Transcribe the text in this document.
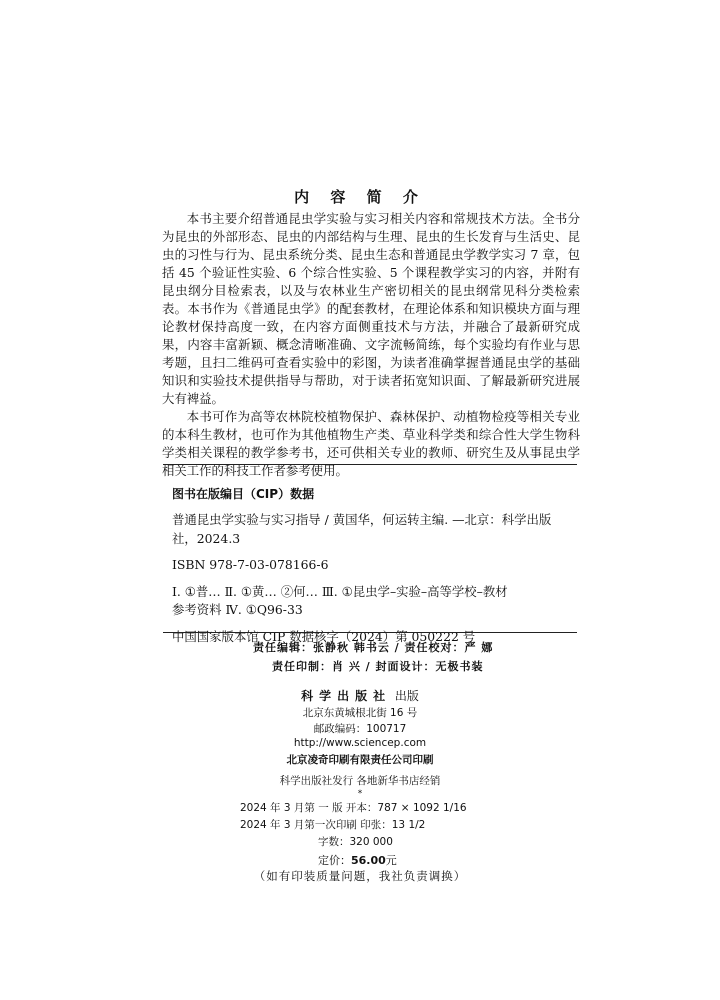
内 容 简 介

本书主要介绍普通昆虫学实验与实习相关内容和常规技术方法。全书分为昆虫的外部形态、昆虫的内部结构与生理、昆虫的生长发育与生活史、昆虫的习性与行为、昆虫系统分类、昆虫生态和普通昆虫学教学实习 7 章，包括 45 个验证性实验、6 个综合性实验、5 个课程教学实习的内容，并附有昆虫纲分目检索表，以及与农林业生产密切相关的昆虫纲常见科分类检索表。本书作为《普通昆虫学》的配套教材，在理论体系和知识模块方面与理论教材保持高度一致，在内容方面侧重技术与方法，并融合了最新研究成果，内容丰富新颖、概念清晰准确、文字流畅简练，每个实验均有作业与思考题，且扫二维码可查看实验中的彩图，为读者准确掌握普通昆虫学的基础知识和实验技术提供指导与帮助，对于读者拓宽知识面、了解最新研究进展大有裨益。

本书可作为高等农林院校植物保护、森林保护、动植物检疫等相关专业的本科生教材，也可作为其他植物生产类、草业科学类和综合性大学生物科学类相关课程的教学参考书，还可供相关专业的教师、研究生及从事昆虫学相关工作的科技工作者参考使用。

图书在版编目（CIP）数据
普通昆虫学实验与实习指导 / 黄国华，何运转主编. —北京：科学出版
社，2024.3
ISBN 978-7-03-078166-6
Ⅰ. ①普… Ⅱ. ①黄… ②何… Ⅲ. ①昆虫学–实验–高等学校–教材
参考资料 Ⅳ. ①Q96-33
中国国家版本馆 CIP 数据核字（2024）第 050222 号
责任编辑：张静秋 韩书云 / 责任校对：严 娜
责任印制：肖 兴 / 封面设计：无极书装
科学出版社 出版
北京东黄城根北街 16 号
邮政编码：100717
http://www.sciencep.com
北京凌奇印刷有限责任公司印刷
科学出版社发行 各地新华书店经销
*
2024 年 3 月第 一 版 开本：787 × 1092 1/16
2024 年 3 月第一次印刷 印张：13 1/2
字数：320 000
定价：56.00元
（如有印装质量问题，我社负责调换）
